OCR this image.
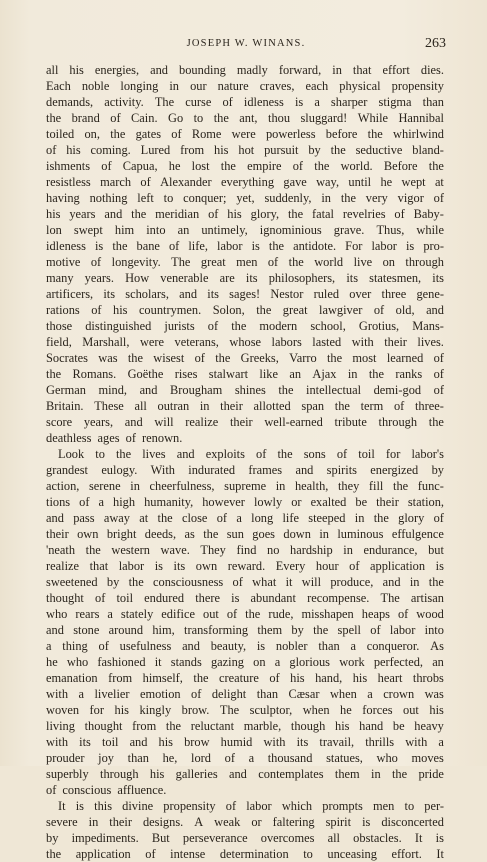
JOSEPH W. WINANS.	263
all his energies, and bounding madly forward, in that effort dies.
Each noble longing in our nature craves, each physical propensity
demands, activity. The curse of idleness is a sharper stigma than
the brand of Cain. Go to the ant, thou sluggard! While Hannibal
toiled on, the gates of Rome were powerless before the whirlwind
of his coming. Lured from his hot pursuit by the seductive bland-
ishments of Capua, he lost the empire of the world. Before the
resistless march of Alexander everything gave way, until he wept at
having nothing left to conquer; yet, suddenly, in the very vigor of
his years and the meridian of his glory, the fatal revelries of Baby-
lon swept him into an untimely, ignominious grave. Thus, while
idleness is the bane of life, labor is the antidote. For labor is pro-
motive of longevity. The great men of the world live on through
many years. How venerable are its philosophers, its statesmen, its
artificers, its scholars, and its sages! Nestor ruled over three gene-
rations of his countrymen. Solon, the great lawgiver of old, and
those distinguished jurists of the modern school, Grotius, Mans-
field, Marshall, were veterans, whose labors lasted with their lives.
Socrates was the wisest of the Greeks, Varro the most learned of
the Romans. Goëthe rises stalwart like an Ajax in the ranks of
German mind, and Brougham shines the intellectual demi-god of
Britain. These all outran in their allotted span the term of three-
score years, and will realize their well-earned tribute through the
deathless ages of renown.
Look to the lives and exploits of the sons of toil for labor's
grandest eulogy. With indurated frames and spirits energized by
action, serene in cheerfulness, supreme in health, they fill the func-
tions of a high humanity, however lowly or exalted be their station,
and pass away at the close of a long life steeped in the glory of
their own bright deeds, as the sun goes down in luminous effulgence
'neath the western wave. They find no hardship in endurance, but
realize that labor is its own reward. Every hour of application is
sweetened by the consciousness of what it will produce, and in the
thought of toil endured there is abundant recompense. The artisan
who rears a stately edifice out of the rude, misshapen heaps of wood
and stone around him, transforming them by the spell of labor into
a thing of usefulness and beauty, is nobler than a conqueror. As
he who fashioned it stands gazing on a glorious work perfected, an
emanation from himself, the creature of his hand, his heart throbs
with a livelier emotion of delight than Cæsar when a crown was
woven for his kingly brow. The sculptor, when he forces out his
living thought from the reluctant marble, though his hand be heavy
with its toil and his brow humid with its travail, thrills with a
prouder joy than he, lord of a thousand statues, who moves
superbly through his galleries and contemplates them in the pride
of conscious affluence.
It is this divine propensity of labor which prompts men to per-
severe in their designs. A weak or faltering spirit is disconcerted
by impediments. But perseverance overcomes all obstacles. It is
the application of intense determination to unceasing effort. It
